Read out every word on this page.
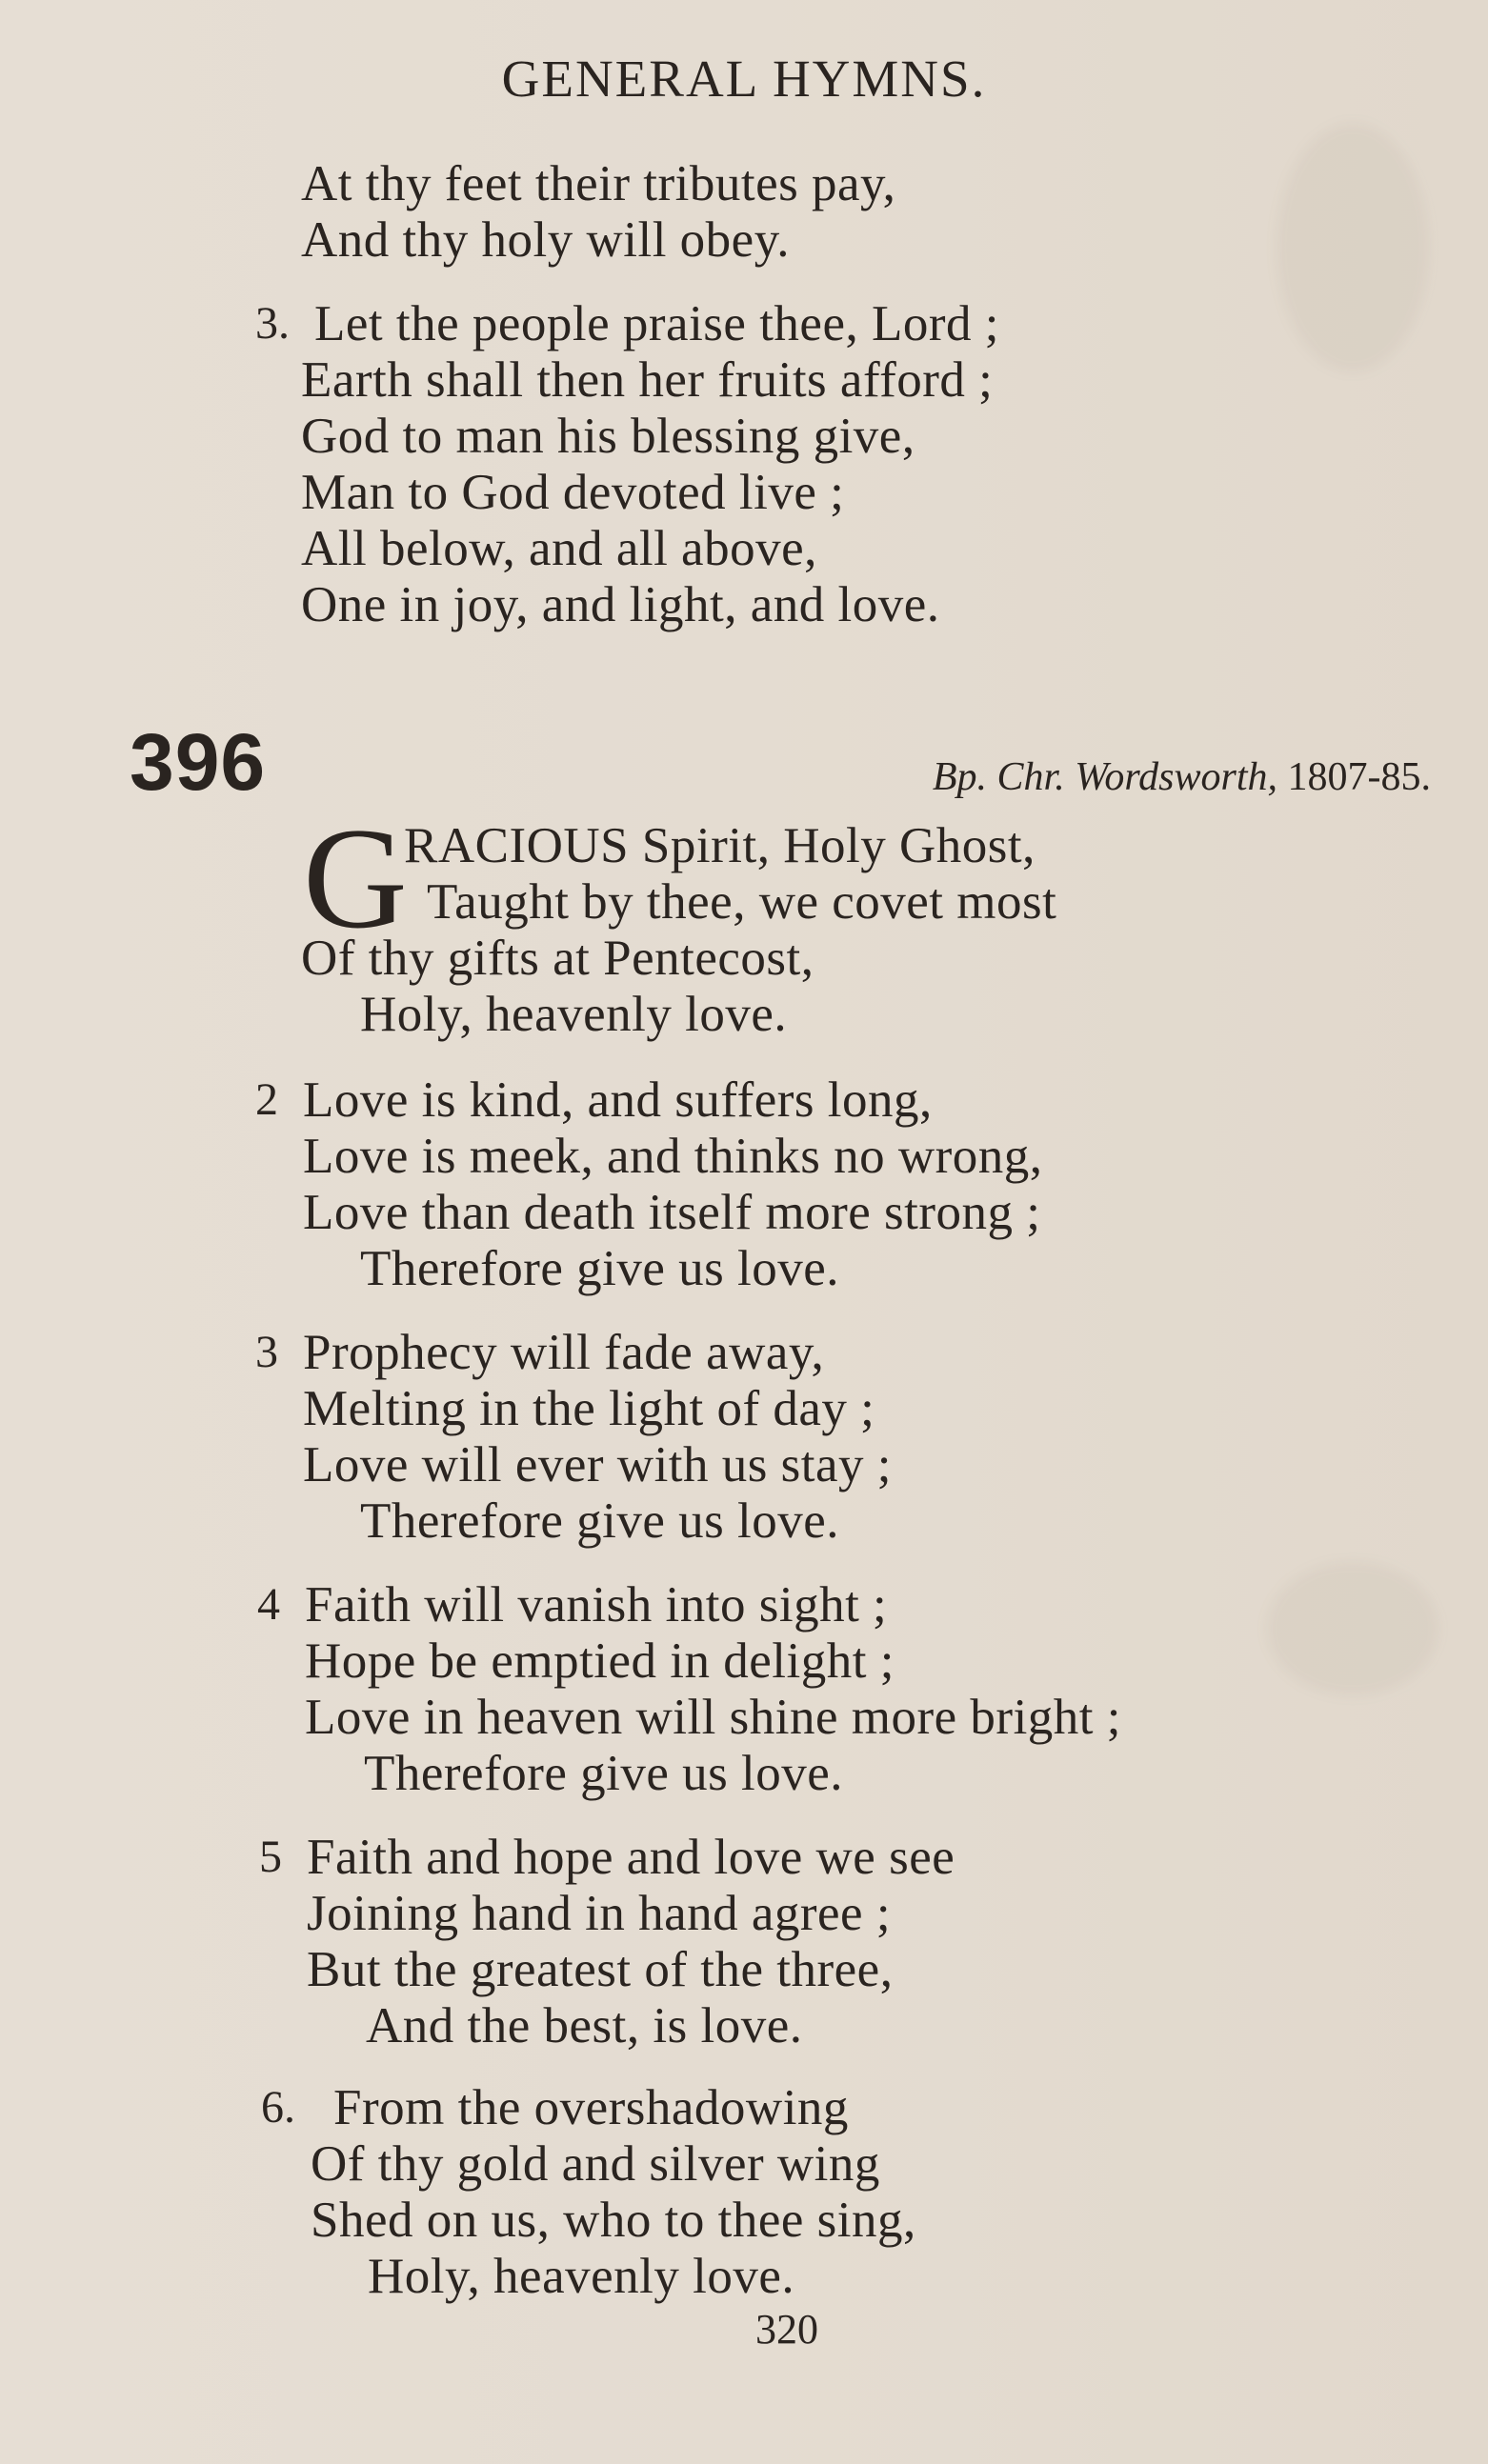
GENERAL HYMNS.
At thy feet their tributes pay,
And thy holy will obey.
3. Let the people praise thee, Lord ;
Earth shall then her fruits afford ;
God to man his blessing give,
Man to God devoted live ;
All below, and all above,
One in joy, and light, and love.
396	Bp. Chr. Wordsworth, 1807-85.
G
RACIOUS Spirit, Holy Ghost,
Taught by thee, we covet most
Of thy gifts at Pentecost,
Holy, heavenly love.
2 Love is kind, and suffers long,
Love is meek, and thinks no wrong,
Love than death itself more strong ;
Therefore give us love.
3 Prophecy will fade away,
Melting in the light of day ;
Love will ever with us stay ;
Therefore give us love.
4 Faith will vanish into sight ;
Hope be emptied in delight ;
Love in heaven will shine more bright ;
Therefore give us love.
5 Faith and hope and love we see
Joining hand in hand agree ;
But the greatest of the three,
And the best, is love.
6. From the overshadowing
Of thy gold and silver wing
Shed on us, who to thee sing,
Holy, heavenly love.
320
